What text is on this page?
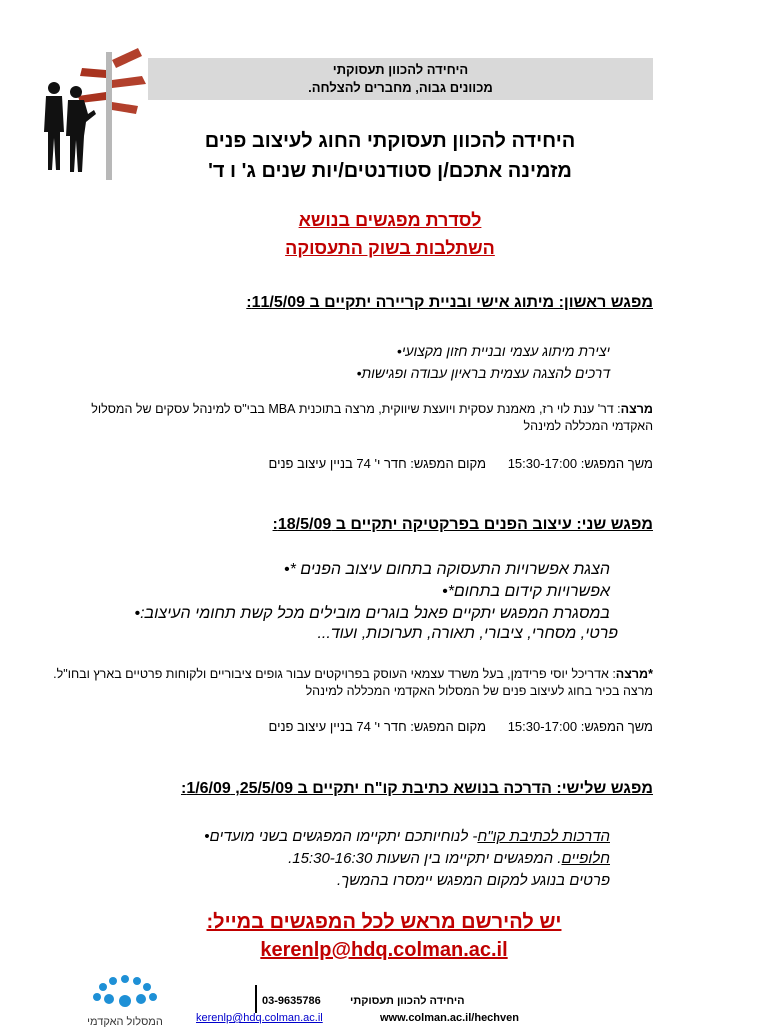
היחידה להכוון תעסוקתי
מכוונים גבוה, מחברים להצלחה.
היחידה להכוון תעסוקתי החוג לעיצוב פנים
מזמינה אתכם/ן סטודנטים/יות שנים ג' ו ד'
לסדרת מפגשים בנושא
השתלבות בשוק התעסוקה
מפגש ראשון: מיתוג אישי ובניית קריירה יתקיים ב 11/5/09:
יצירת מיתוג עצמי ובניית חזון מקצועי •
דרכים להצגה עצמית בראיון עבודה ופגישות •
מרצה: דר' ענת לוי רז, מאמנת עסקית ויועצת שיווקית, מרצה בתוכנית MBA בבי"ס למינהל עסקים של המסלול האקדמי המכללה למינהל
משך המפגש: 15:30-17:00      מקום המפגש: חדר י' 74 בניין עיצוב פנים
מפגש שני: עיצוב הפנים בפרקטיקה יתקיים ב 18/5/09:
הצגת אפשרויות התעסוקה בתחום עיצוב הפנים * •
אפשרויות קידום בתחום* •
במסגרת המפגש יתקיים פאנל בוגרים מובילים מכל קשת תחומי העיצוב: •
פרטי, מסחרי, ציבורי, תאורה, תערוכות, ועוד...
*מרצה: אדריכל יוסי פרידמן, בעל משרד עצמאי העוסק בפרויקטים עבור גופים ציבוריים ולקוחות פרטיים בארץ ובחו"ל. מרצה בכיר בחוג לעיצוב פנים של המסלול האקדמי המכללה למינהל
משך המפגש: 15:30-17:00      מקום המפגש: חדר י' 74 בניין עיצוב פנים
מפגש שלישי: הדרכה בנושא כתיבת קו"ח יתקיים ב 25/5/09, 1/6/09:
הדרכות לכתיבת קו"ח- לנוחיותכם יתקיימו המפגשים בשני מועדים•
חלופיים. המפגשים יתקיימו בין השעות 15:30-16:30.
פרטים בנוגע למקום המפגש יימסרו בהמשך.
יש להירשם מראש לכל המפגשים במייל:
kerenlp@hdq.colman.ac.il
המסלול האקדמי
היחידה להכוון תעסוקתי
03-9635786
kerenlp@hdq.colman.ac.il	www.colman.ac.il/hechven
